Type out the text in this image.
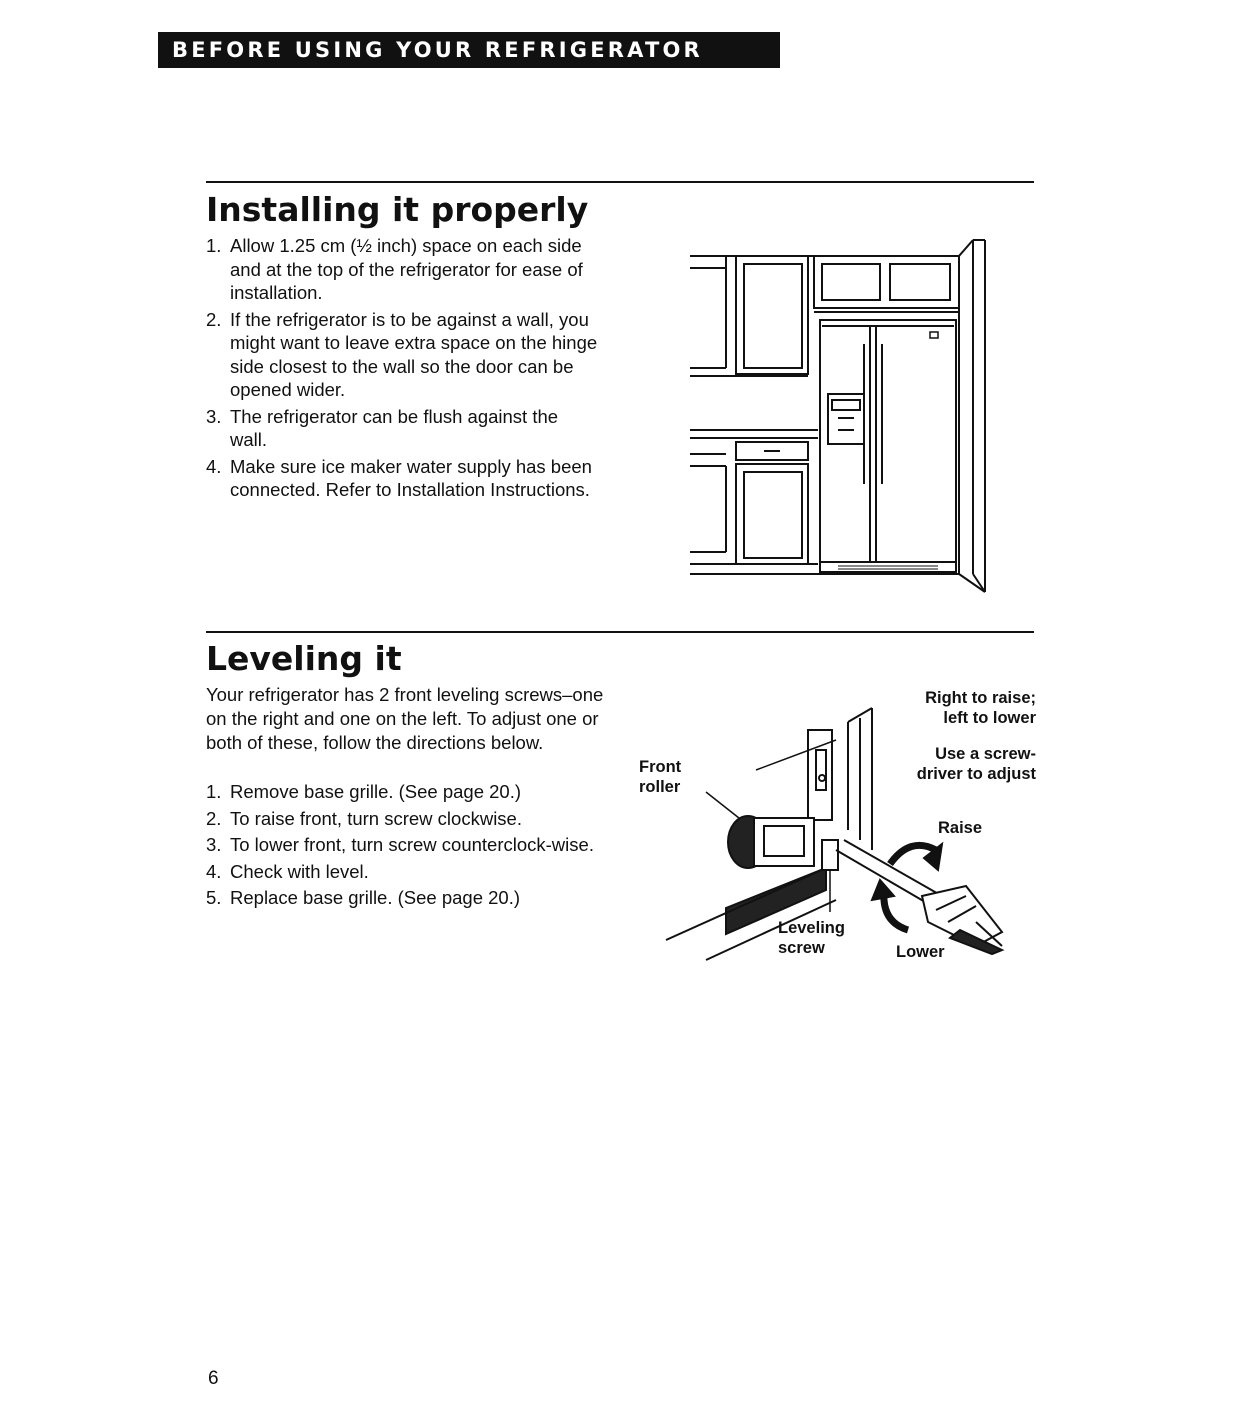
BEFORE USING YOUR REFRIGERATOR
Installing it properly
1. Allow 1.25 cm (½ inch) space on each side and at the top of the refrigerator for ease of installation.
2. If the refrigerator is to be against a wall, you might want to leave extra space on the hinge side closest to the wall so the door can be opened wider.
3. The refrigerator can be flush against the wall.
4. Make sure ice maker water supply has been connected. Refer to Installation Instructions.
Leveling it

Your refrigerator has 2 front leveling screws–one on the right and one on the left. To adjust one or both of these, follow the directions below.

1. Remove base grille. (See page 20.)
2. To raise front, turn screw clockwise.
3. To lower front, turn screw counterclock-wise.
4. Check with level.
5. Replace base grille. (See page 20.)
Front
roller
Right to raise;
left to lower
Use a screw-
driver to adjust
Raise
Leveling
screw	Lower
6
